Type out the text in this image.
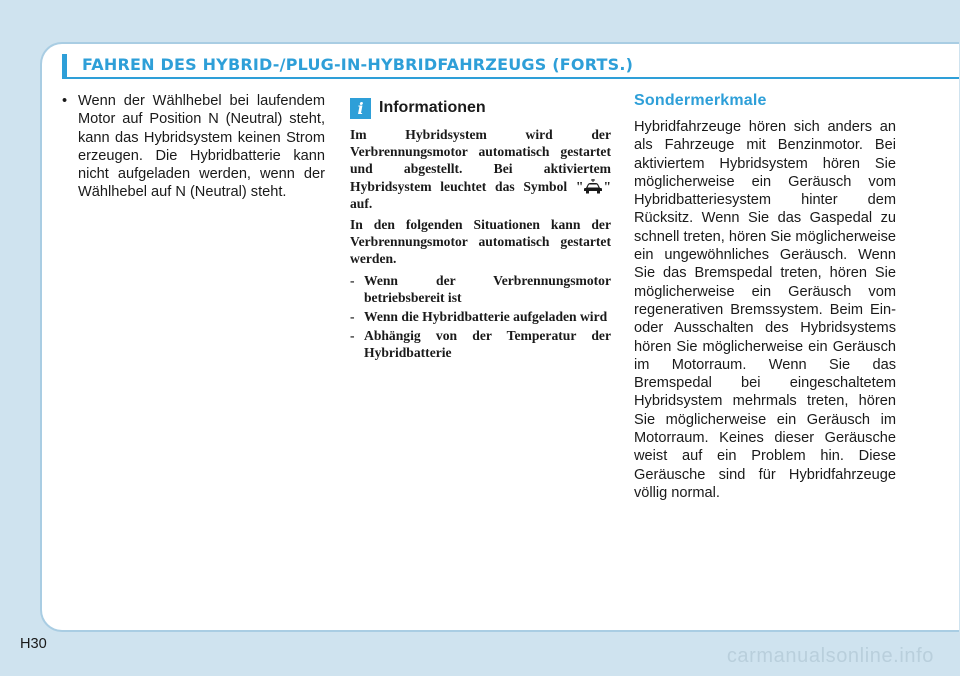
FAHREN DES HYBRID-/PLUG-IN-HYBRIDFAHRZEUGS (FORTS.)
• Wenn der Wählhebel bei laufendem Motor auf Position N (Neutral) steht, kann das Hybridsystem keinen Strom erzeugen. Die Hybridbatterie kann nicht aufgeladen werden, wenn der Wählhebel auf N (Neutral) steht.
i Informationen

Im Hybridsystem wird der Verbrennungsmotor automatisch gestartet und abgestellt. Bei aktiviertem Hybridsystem leuchtet das Symbol " " auf.

In den folgenden Situationen kann der Verbrennungsmotor automatisch gestartet werden.

- Wenn der Verbrennungsmotor betriebsbereit ist
- Wenn die Hybridbatterie aufgeladen wird
- Abhängig von der Temperatur der Hybridbatterie
Sondermerkmale

Hybridfahrzeuge hören sich anders an als Fahrzeuge mit Benzinmotor. Bei aktiviertem Hybridsystem hören Sie möglicherweise ein Geräusch vom Hybridbatteriesystem hinter dem Rücksitz. Wenn Sie das Gaspedal zu schnell treten, hören Sie möglicherweise ein ungewöhnliches Geräusch. Wenn Sie das Bremspedal treten, hören Sie möglicherweise ein Geräusch vom regenerativen Bremssystem. Beim Ein- oder Ausschalten des Hybridsystems hören Sie möglicherweise ein Geräusch im Motorraum. Wenn Sie das Bremspedal bei eingeschaltetem Hybridsystem mehrmals treten, hören Sie möglicherweise ein Geräusch im Motorraum. Keines dieser Geräusche weist auf ein Problem hin. Diese Geräusche sind für Hybridfahrzeuge völlig normal.

H30
carmanualsonline.info
